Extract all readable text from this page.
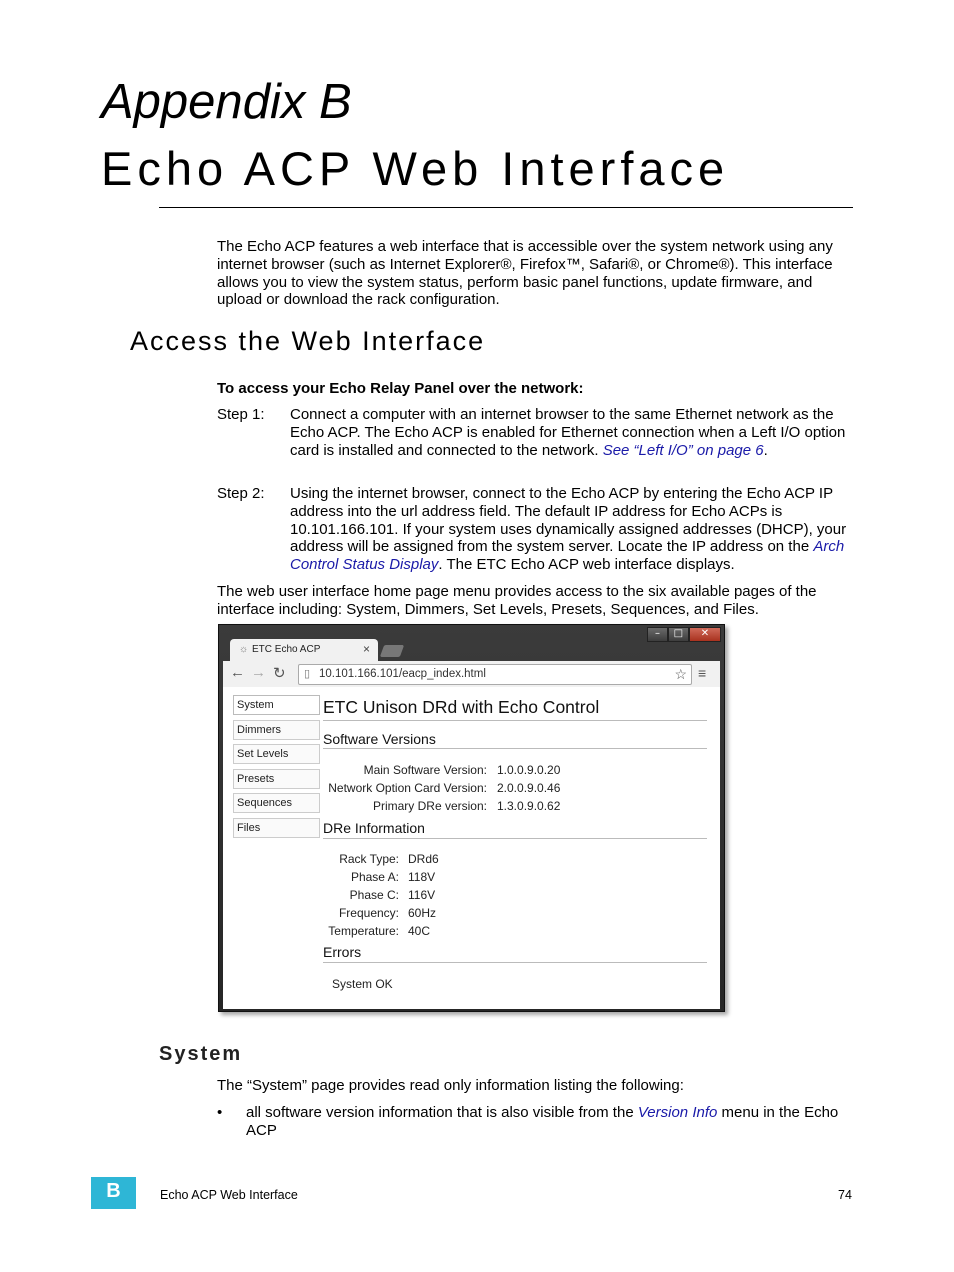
Appendix B
Echo ACP Web Interface
The Echo ACP features a web interface that is accessible over the system network using any internet browser (such as Internet Explorer®, Firefox™, Safari®, or Chrome®). This interface allows you to view the system status, perform basic panel functions, update firmware, and upload or download the rack configuration.
Access the Web Interface
To access your Echo Relay Panel over the network:
Step 1: Connect a computer with an internet browser to the same Ethernet network as the Echo ACP. The Echo ACP is enabled for Ethernet connection when a Left I/O option card is installed and connected to the network. See “Left I/O” on page 6.
Step 2: Using the internet browser, connect to the Echo ACP by entering the Echo ACP IP address into the url address field. The default IP address for Echo ACPs is 10.101.166.101. If your system uses dynamically assigned addresses (DHCP), your address will be assigned from the system server. Locate the IP address on the Arch Control Status Display. The ETC Echo ACP web interface displays.
The web user interface home page menu provides access to the six available pages of the interface including: System, Dimmers, Set Levels, Presets, Sequences, and Files.
–	□	✕
☼ ETC Echo ACP	×
← → ↻ ▯ 10.101.166.101/eacp_index.html	☆ ≡
System
Dimmers
Set Levels
Presets
Sequences
Files
ETC Unison DRd with Echo Control
Software Versions
Main Software Version: 1.0.0.9.0.20
Network Option Card Version: 2.0.0.9.0.46
Primary DRe version: 1.3.0.9.0.62
DRe Information
Rack Type: DRd6
Phase A: 118V
Phase C: 116V
Frequency: 60Hz
Temperature: 40C
Errors
System OK
System
The “System” page provides read only information listing the following:
• all software version information that is also visible from the Version Info menu in the Echo ACP
B	Echo ACP Web Interface	74
